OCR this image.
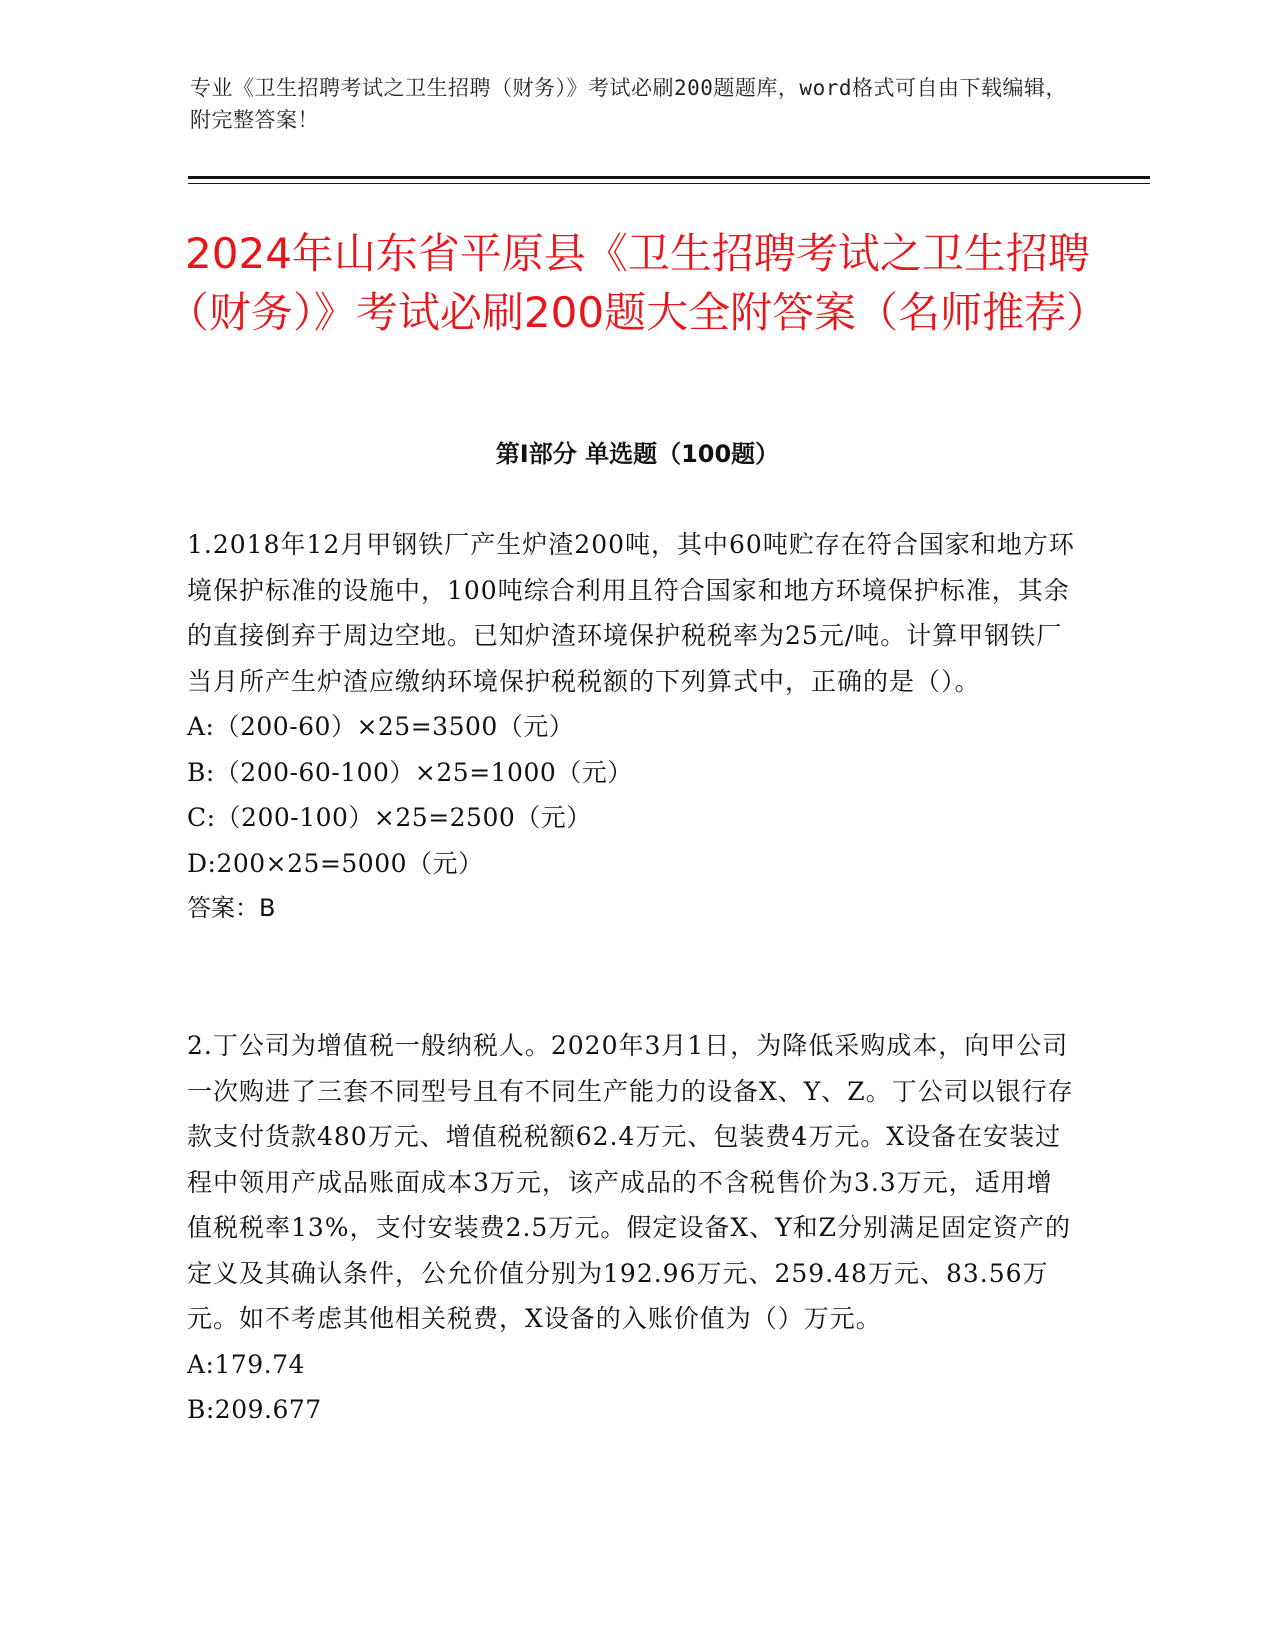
专业《卫生招聘考试之卫生招聘（财务）》考试必刷200题题库，word格式可自由下载编辑，附完整答案！
2024年山东省平原县《卫生招聘考试之卫生招聘（财务）》考试必刷200题大全附答案（名师推荐）
第I部分 单选题（100题）

1.2018年12月甲钢铁厂产生炉渣200吨，其中60吨贮存在符合国家和地方环境保护标准的设施中，100吨综合利用且符合国家和地方环境保护标准，其余的直接倒弃于周边空地。已知炉渣环境保护税税率为25元/吨。计算甲钢铁厂当月所产生炉渣应缴纳环境保护税税额的下列算式中，正确的是（）。

A:（200-60）×25=3500（元）

B:（200-60-100）×25=1000（元）

C:（200-100）×25=2500（元）

D:200×25=5000（元）

答案：B

2.丁公司为增值税一般纳税人。2020年3月1日，为降低采购成本，向甲公司一次购进了三套不同型号且有不同生产能力的设备X、Y、Z。丁公司以银行存款支付货款480万元、增值税税额62.4万元、包装费4万元。X设备在安装过程中领用产成品账面成本3万元，该产成品的不含税售价为3.3万元，适用增值税税率13%，支付安装费2.5万元。假定设备X、Y和Z分别满足固定资产的定义及其确认条件，公允价值分别为192.96万元、259.48万元、83.56万元。如不考虑其他相关税费，X设备的入账价值为（）万元。

A:179.74

B:209.677
